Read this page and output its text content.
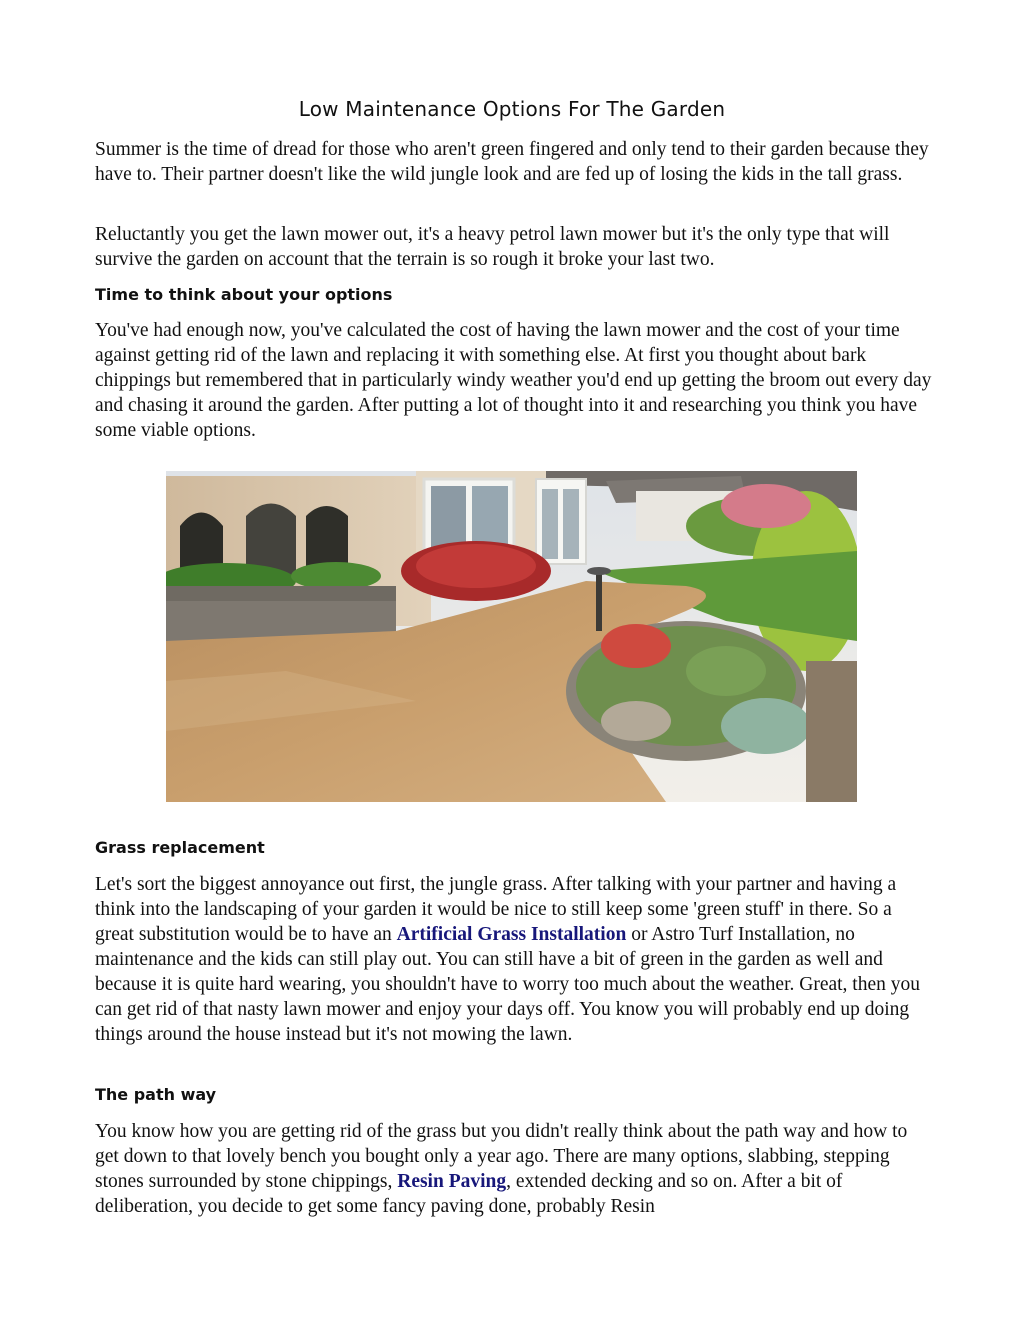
Low Maintenance Options For The Garden

Summer is the time of dread for those who aren't green fingered and only tend to their garden because they have to. Their partner doesn't like the wild jungle look and are fed up of losing the kids in the tall grass.

Reluctantly you get the lawn mower out, it's a heavy petrol lawn mower but it's the only type that will survive the garden on account that the terrain is so rough it broke your last two.

Time to think about your options

You've had enough now, you've calculated the cost of having the lawn mower and the cost of your time against getting rid of the lawn and replacing it with something else. At first you thought about bark chippings but remembered that in particularly windy weather you'd end up getting the broom out every day and chasing it around the garden. After putting a lot of thought into it and researching you think you have some viable options.

Grass replacement

Let's sort the biggest annoyance out first, the jungle grass. After talking with your partner and having a think into the landscaping of your garden it would be nice to still keep some 'green stuff' in there. So a great substitution would be to have an Artificial Grass Installation or Astro Turf Installation, no maintenance and the kids can still play out. You can still have a bit of green in the garden as well and because it is quite hard wearing, you shouldn't have to worry too much about the weather. Great, then you can get rid of that nasty lawn mower and enjoy your days off. You know you will probably end up doing things around the house instead but it's not mowing the lawn.

The path way

You know how you are getting rid of the grass but you didn't really think about the path way and how to get down to that lovely bench you bought only a year ago. There are many options, slabbing, stepping stones surrounded by stone chippings, Resin Paving, extended decking and so on. After a bit of deliberation, you decide to get some fancy paving done, probably Resin
